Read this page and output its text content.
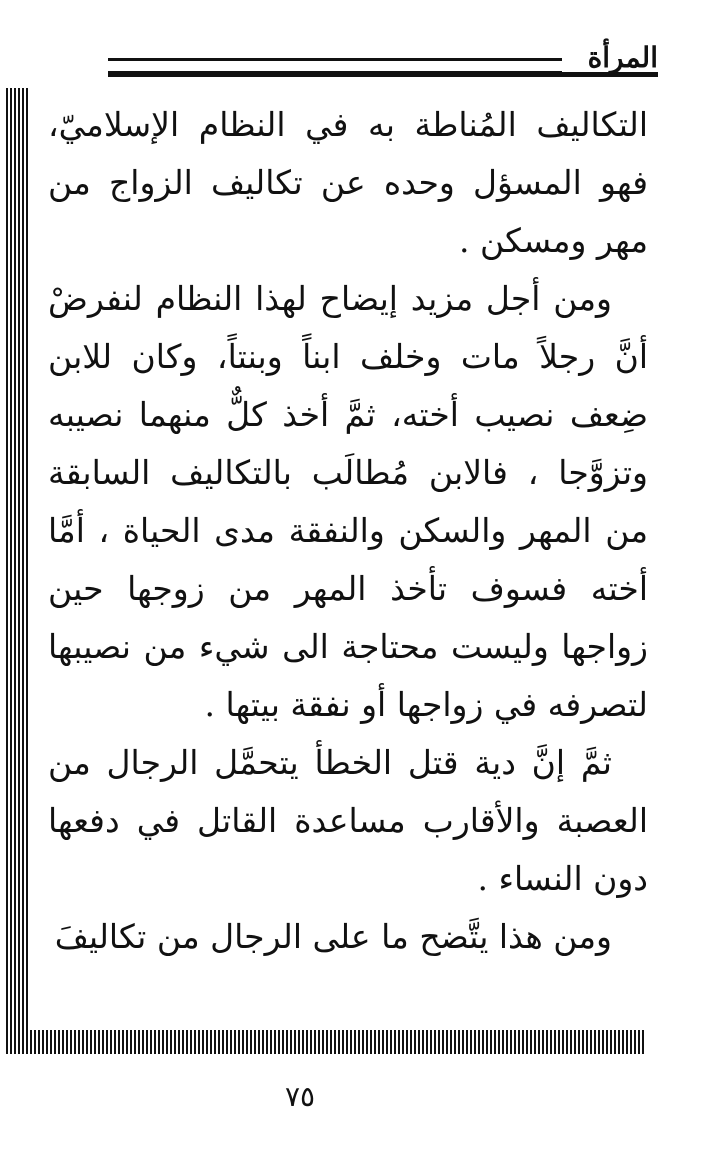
المرأة

التكاليف المُناطة به في النظام الإسلاميّ، فهو المسؤل وحده عن تكاليف الزواج من مهر ومسكن .

ومن أجل مزيد إيضاح لهذا النظام لنفرضْ أنَّ رجلاً مات وخلف ابناً وبنتاً، وكان للابن ضِعف نصيب أخته، ثمَّ أخذ كلٌّ منهما نصيبه وتزوَّجا ، فالابن مُطالَب بالتكاليف السابقة من المهر والسكن والنفقة مدى الحياة ، أمَّا أخته فسوف تأخذ المهر من زوجها حين زواجها وليست محتاجة الى شيء من نصيبها لتصرفه في زواجها أو نفقة بيتها .

ثمَّ إنَّ دية قتل الخطأ يتحمَّل الرجال من العصبة والأقارب مساعدة القاتل في دفعها دون النساء .

ومن هذا يتَّضح ما على الرجال من تكاليفَ

٧٥
